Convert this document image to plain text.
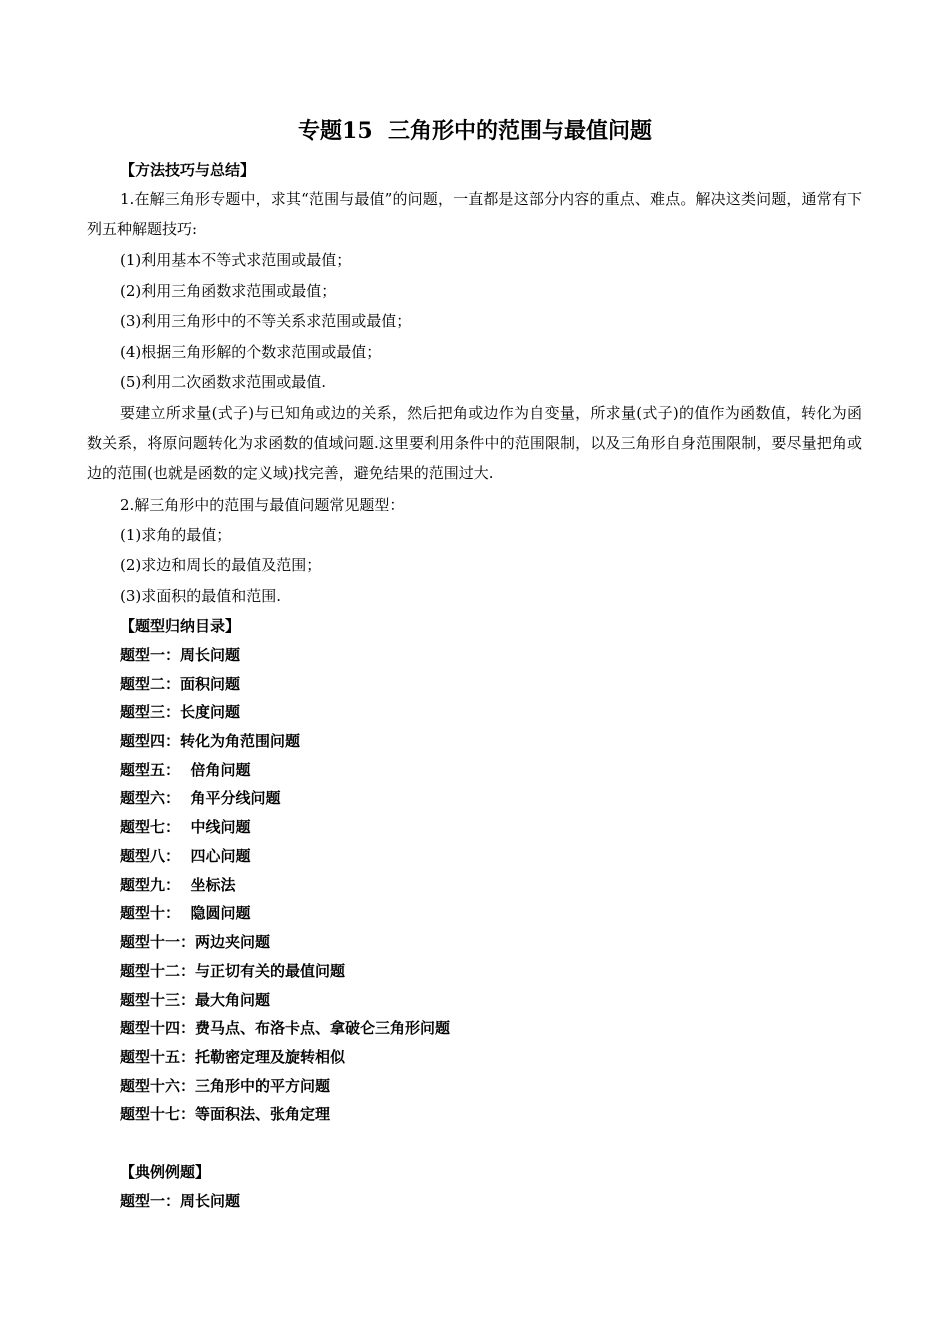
专题15  三角形中的范围与最值问题
【方法技巧与总结】
1.在解三角形专题中，求其“范围与最值”的问题，一直都是这部分内容的重点、难点。解决这类问题，通常有下列五种解题技巧:
(1)利用基本不等式求范围或最值；
(2)利用三角函数求范围或最值；
(3)利用三角形中的不等关系求范围或最值；
(4)根据三角形解的个数求范围或最值；
(5)利用二次函数求范围或最值.
要建立所求量(式子)与已知角或边的关系，然后把角或边作为自变量，所求量(式子)的值作为函数值，转化为函数关系，将原问题转化为求函数的值域问题.这里要利用条件中的范围限制，以及三角形自身范围限制，要尽量把角或边的范围(也就是函数的定义域)找完善，避免结果的范围过大.
2.解三角形中的范围与最值问题常见题型：
(1)求角的最值；
(2)求边和周长的最值及范围；
(3)求面积的最值和范围.
【题型归纳目录】
题型一：周长问题
题型二：面积问题
题型三：长度问题
题型四：转化为角范围问题
题型五：  倍角问题
题型六：  角平分线问题
题型七：  中线问题
题型八：  四心问题
题型九：  坐标法
题型十：  隐圆问题
题型十一：两边夹问题
题型十二：与正切有关的最值问题
题型十三：最大角问题
题型十四：费马点、布洛卡点、拿破仑三角形问题
题型十五：托勒密定理及旋转相似
题型十六：三角形中的平方问题
题型十七：等面积法、张角定理
【典例例题】
题型一：周长问题
